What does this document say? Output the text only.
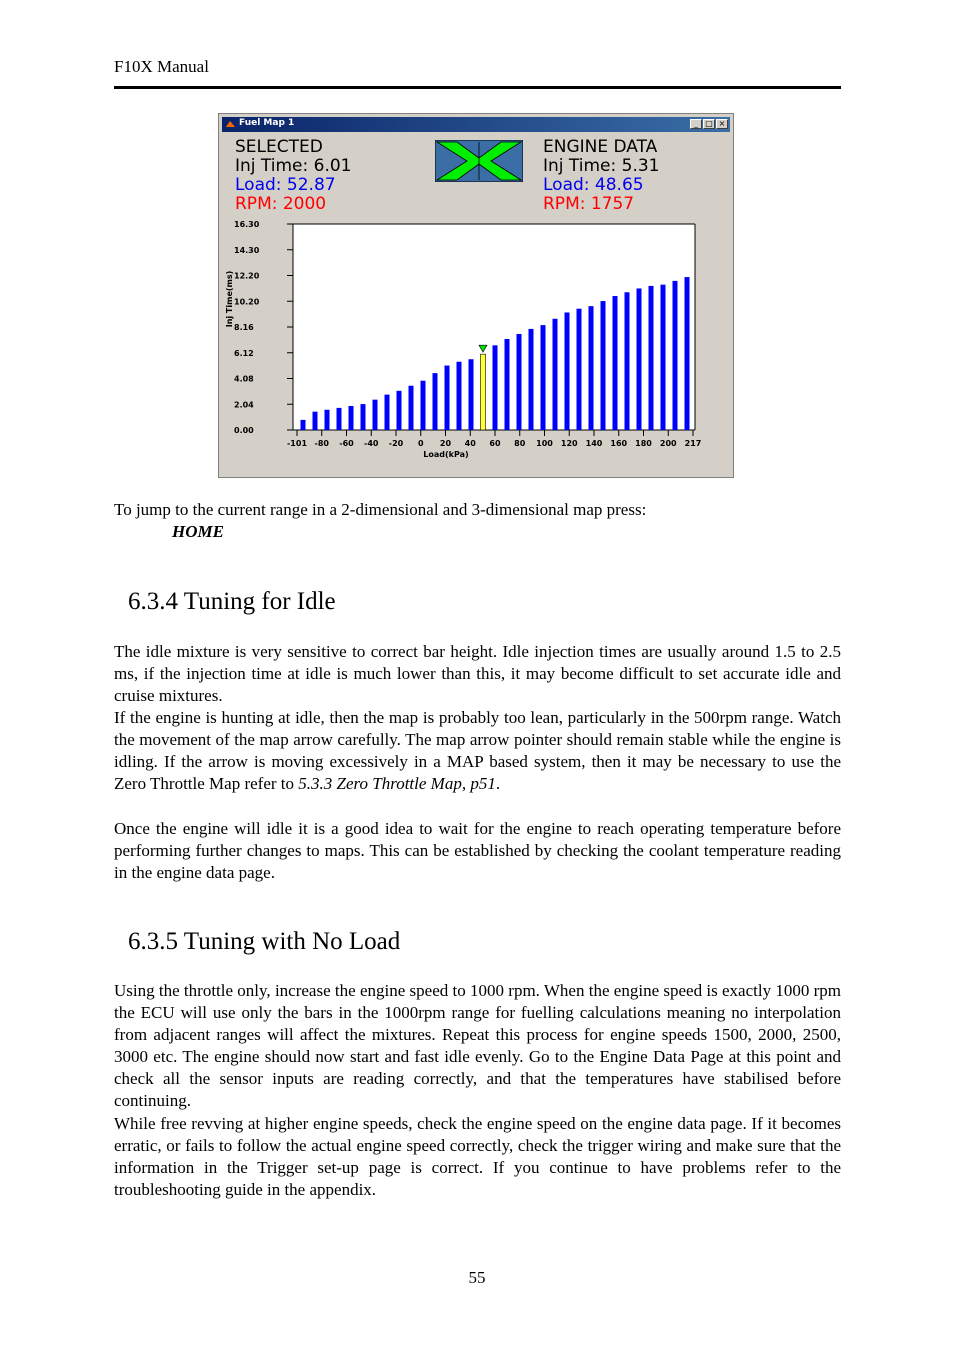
F10X Manual
Fuel Map 1	_ □ ×
SELECTED
Inj Time: 6.01
Load: 52.87
RPM: 2000
ENGINE DATA
Inj Time: 5.31
Load: 48.65
RPM: 1757
16.30
14.30
12.20
10.20
8.16
6.12
4.08
2.04
0.00
Inj Time(ms)
-101 -80 -60 -40 -20 0 20 40 60 80 100 120 140 160 180 200 217
Load(kPa)
To jump to the current range in a 2-dimensional and 3-dimensional map press:
HOME
6.3.4 Tuning for Idle
The idle mixture is very sensitive to correct bar height. Idle injection times are usually around 1.5 to 2.5 ms, if the injection time at idle is much lower than this, it may become difficult to set accurate idle and cruise mixtures.
If the engine is hunting at idle, then the map is probably too lean, particularly in the 500rpm range. Watch the movement of the map arrow carefully. The map arrow pointer should remain stable while the engine is idling. If the arrow is moving excessively in a MAP based system, then it may be necessary to use the Zero Throttle Map refer to 5.3.3 Zero Throttle Map, p51.
Once the engine will idle it is a good idea to wait for the engine to reach operating temperature before performing further changes to maps. This can be established by checking the coolant temperature reading in the engine data page.
6.3.5 Tuning with No Load
Using the throttle only, increase the engine speed to 1000 rpm. When the engine speed is exactly 1000 rpm the ECU will use only the bars in the 1000rpm range for fuelling calculations meaning no interpolation from adjacent ranges will affect the mixtures. Repeat this process for engine speeds 1500, 2000, 2500, 3000 etc. The engine should now start and fast idle evenly. Go to the Engine Data Page at this point and check all the sensor inputs are reading correctly, and that the temperatures have stabilised before continuing.
While free revving at higher engine speeds, check the engine speed on the engine data page. If it becomes erratic, or fails to follow the actual engine speed correctly, check the trigger wiring and make sure that the information in the Trigger set-up page is correct. If you continue to have problems refer to the troubleshooting guide in the appendix.
55
